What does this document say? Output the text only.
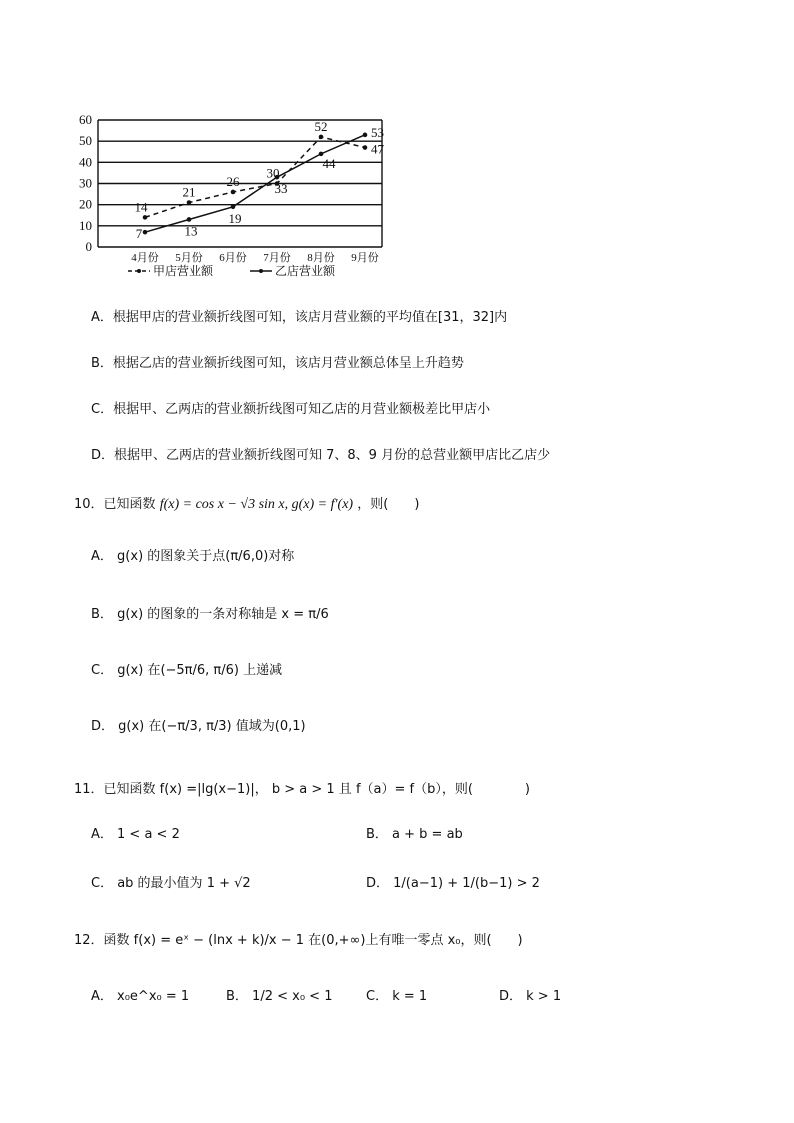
0
10
20
30
40
50
60
4月份 5月份 6月份 7月份 8月份 9月份
14
21
26
30
52
47
7	13
19
33
44
53
甲店营业额	乙店营业额
A．根据甲店的营业额折线图可知，该店月营业额的平均值在[31，32]内
B．根据乙店的营业额折线图可知，该店月营业额总体呈上升趋势
C．根据甲、乙两店的营业额折线图可知乙店的月营业额极差比甲店小
D．根据甲、乙两店的营业额折线图可知 7、8、9 月份的总营业额甲店比乙店少
10．已知函数 f(x) = cos x − √3 sin x, g(x) = f′(x) ，则(　　)
A． g(x) 的图象关于点(π/6,0)对称
B． g(x) 的图象的一条对称轴是 x = π/6
C． g(x) 在(−5π/6, π/6) 上递减
D． g(x) 在(−π/3, π/3) 值域为(0,1)
11．已知函数 f(x) =|lg(x−1)|， b > a > 1 且 f（a）= f（b），则(　　　　)
A． 1 < a < 2	B． a + b = ab
C． ab 的最小值为 1 + √2	D． 1/(a−1) + 1/(b−1) > 2
12．函数 f(x) = eˣ − (lnx + k)/x − 1 在(0,+∞)上有唯一零点 x₀，则(　　)
A． x₀e^x₀ = 1	B． 1/2 < x₀ < 1	C． k = 1	D． k > 1
